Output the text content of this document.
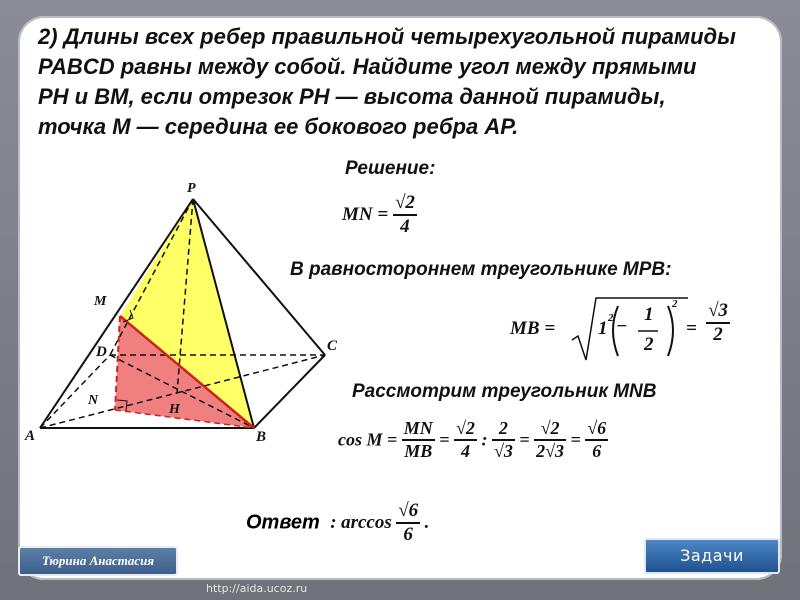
2) Длины всех ребер правильной четырехугольной пирамиды
PABCD равны между собой. Найдите угол между прямыми
PH и BM, если отрезок PH — высота данной пирамиды,
точка M — середина ее бокового ребра AP.
Решение:
P
M
D
N
A	B
C
H
MN = $\frac{√2}{4}$
В равностороннем треугольнике MPB:
MB = 1 2 −
1
2
2
= $\frac{√3}{2}$
Рассмотрим треугольник MNB
$\cos M = \frac{MN}{MB} = \frac{√2}{4}$ : $\frac{2}{√3} = \frac{√2}{2√3} = \frac{√6}{6}$
Ответ : $\arccos \frac{√6}{6}$ .
Тюрина Анастасия	Задачи
http://aida.ucoz.ru
